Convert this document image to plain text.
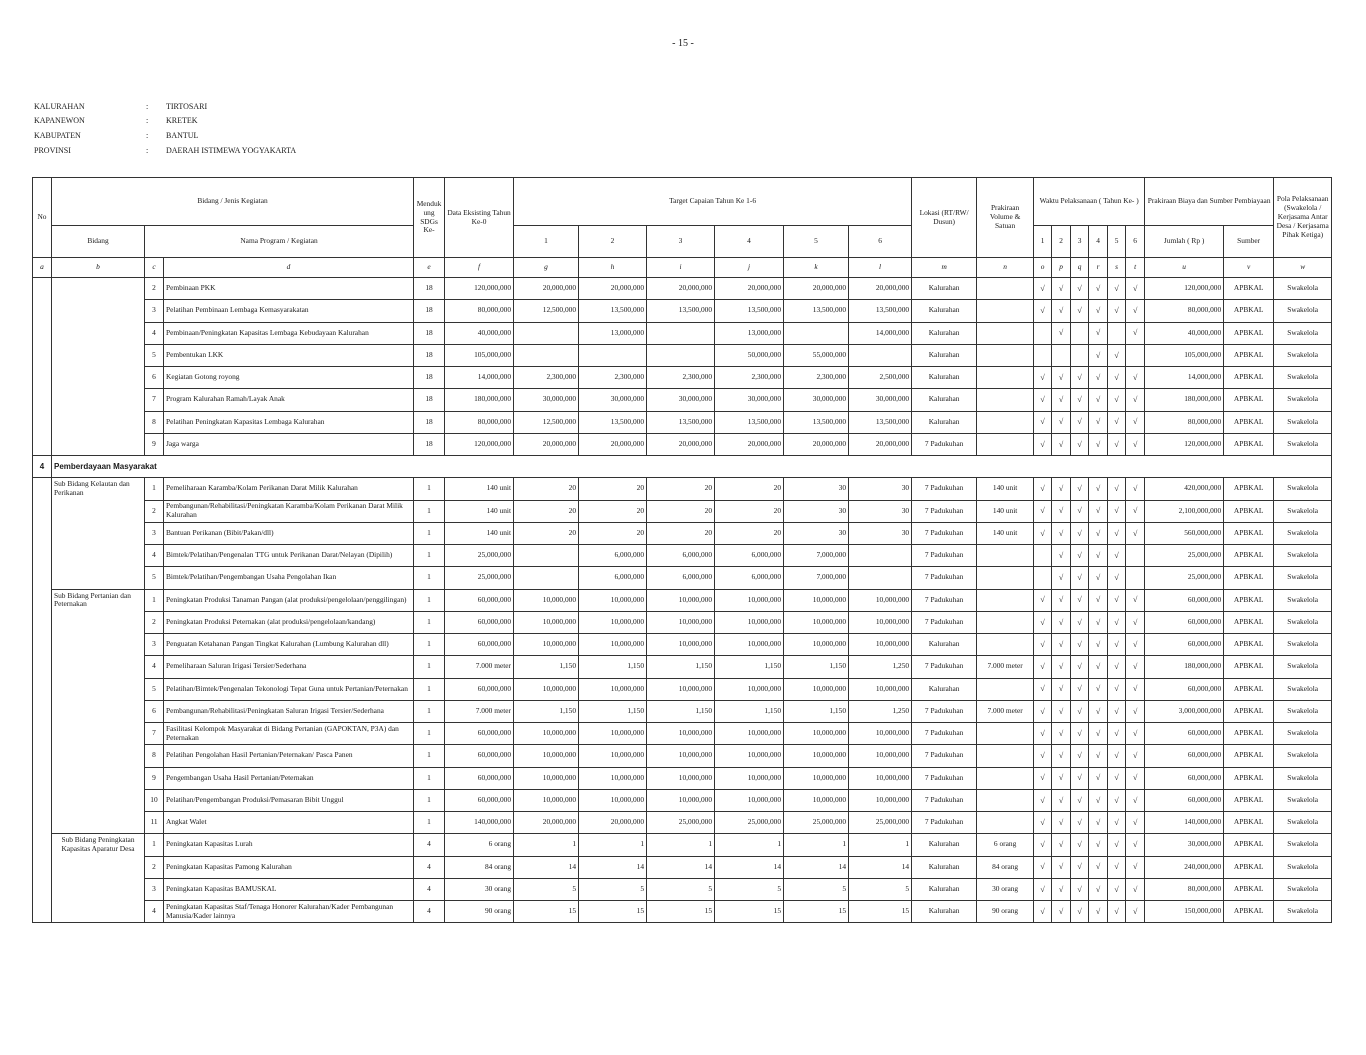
- 15 -
KALURAHAN	:	TIRTOSARI
KAPANEWON	:	KRETEK
KABUPATEN	:	BANTUL
PROVINSI	:	DAERAH ISTIMEWA YOGYAKARTA
No	Bidang / Jenis Kegiatan			Menduk ung SDGs Ke-	Data Eksisting Tahun Ke-0	Target Capaian Tahun Ke 1-6						Lokasi (RT/RW/ Dusun)	Prakiraan Volume & Satuan	Waktu Pelaksanaan ( Tahun Ke- )						Prakiraan Biaya dan Sumber Pembiayaan		Pola Pelaksanaan (Swakelola / Kerjasama Antar Desa / Kerjasama Pihak Ketiga)
	Bidang	Nama Program / Kegiatan				1	2	3	4	5	6			1	2	3	4	5	6	Jumlah ( Rp )	Sumber	
a	b	c	d	e	f	g	h	i	j	k	l	m	n	o	p	q	r	s	t	u	v	w
		2	Pembinaan PKK	18	120,000,000	20,000,000	20,000,000	20,000,000	20,000,000	20,000,000	20,000,000	Kalurahan		√	√	√	√	√	√	120,000,000	APBKAL	Swakelola
		3	Pelatihan Pembinaan Lembaga Kemasyarakatan	18	80,000,000	12,500,000	13,500,000	13,500,000	13,500,000	13,500,000	13,500,000	Kalurahan		√	√	√	√	√	√	80,000,000	APBKAL	Swakelola
		4	Pembinaan/Peningkatan Kapasitas Lembaga Kebudayaan Kalurahan	18	40,000,000		13,000,000		13,000,000		14,000,000	Kalurahan			√		√		√	40,000,000	APBKAL	Swakelola
		5	Pembentukan LKK	18	105,000,000				50,000,000	55,000,000		Kalurahan					√	√		105,000,000	APBKAL	Swakelola
		6	Kegiatan Gotong royong	18	14,000,000	2,300,000	2,300,000	2,300,000	2,300,000	2,300,000	2,500,000	Kalurahan		√	√	√	√	√	√	14,000,000	APBKAL	Swakelola
		7	Program Kalurahan Ramah/Layak Anak	18	180,000,000	30,000,000	30,000,000	30,000,000	30,000,000	30,000,000	30,000,000	Kalurahan		√	√	√	√	√	√	180,000,000	APBKAL	Swakelola
		8	Pelatihan Peningkatan Kapasitas Lembaga Kalurahan	18	80,000,000	12,500,000	13,500,000	13,500,000	13,500,000	13,500,000	13,500,000	Kalurahan		√	√	√	√	√	√	80,000,000	APBKAL	Swakelola
		9	Jaga warga	18	120,000,000	20,000,000	20,000,000	20,000,000	20,000,000	20,000,000	20,000,000	7 Padukuhan		√	√	√	√	√	√	120,000,000	APBKAL	Swakelola
4	Pemberdayaan Masyarakat																					
	Sub Bidang Kelautan dan Perikanan	1	Pemeliharaan Karamba/Kolam Perikanan Darat Milik Kalurahan	1	140 unit	20	20	20	20	30	30	7 Padukuhan	140 unit	√	√	√	√	√	√	420,000,000	APBKAL	Swakelola
		2	Pembangunan/Rehabilitasi/Peningkatan Karamba/Kolam Perikanan Darat Milik Kalurahan	1	140 unit	20	20	20	20	30	30	7 Padukuhan	140 unit	√	√	√	√	√	√	2,100,000,000	APBKAL	Swakelola
		3	Bantuan Perikanan (Bibit/Pakan/dll)	1	140 unit	20	20	20	20	30	30	7 Padukuhan	140 unit	√	√	√	√	√	√	560,000,000	APBKAL	Swakelola
		4	Bimtek/Pelatihan/Pengenalan TTG untuk Perikanan Darat/Nelayan (Dipilih)	1	25,000,000		6,000,000	6,000,000	6,000,000	7,000,000		7 Padukuhan			√	√	√	√		25,000,000	APBKAL	Swakelola
		5	Bimtek/Pelatihan/Pengembangan Usaha Pengolahan Ikan	1	25,000,000		6,000,000	6,000,000	6,000,000	7,000,000		7 Padukuhan			√	√	√	√		25,000,000	APBKAL	Swakelola
	Sub Bidang Pertanian dan Peternakan	1	Peningkatan Produksi Tanaman Pangan (alat produksi/pengelolaan/penggilingan)	1	60,000,000	10,000,000	10,000,000	10,000,000	10,000,000	10,000,000	10,000,000	7 Padukuhan		√	√	√	√	√	√	60,000,000	APBKAL	Swakelola
		2	Peningkatan Produksi Peternakan (alat produksi/pengelolaan/kandang)	1	60,000,000	10,000,000	10,000,000	10,000,000	10,000,000	10,000,000	10,000,000	7 Padukuhan		√	√	√	√	√	√	60,000,000	APBKAL	Swakelola
		3	Penguatan Ketahanan Pangan Tingkat Kalurahan (Lumbung Kalurahan dll)	1	60,000,000	10,000,000	10,000,000	10,000,000	10,000,000	10,000,000	10,000,000	Kalurahan		√	√	√	√	√	√	60,000,000	APBKAL	Swakelola
		4	Pemeliharaan Saluran Irigasi Tersier/Sederhana	1	7.000 meter	1,150	1,150	1,150	1,150	1,150	1,250	7 Padukuhan	7.000 meter	√	√	√	√	√	√	180,000,000	APBKAL	Swakelola
		5	Pelatihan/Bimtek/Pengenalan Tekonologi Tepat Guna untuk Pertanian/Peternakan	1	60,000,000	10,000,000	10,000,000	10,000,000	10,000,000	10,000,000	10,000,000	Kalurahan		√	√	√	√	√	√	60,000,000	APBKAL	Swakelola
		6	Pembangunan/Rehabilitasi/Peningkatan Saluran Irigasi Tersier/Sederhana	1	7.000 meter	1,150	1,150	1,150	1,150	1,150	1,250	7 Padukuhan	7.000 meter	√	√	√	√	√	√	3,000,000,000	APBKAL	Swakelola
		7	Fasilitasi Kelompok Masyarakat di Bidang Pertanian (GAPOKTAN, P3A) dan Peternakan	1	60,000,000	10,000,000	10,000,000	10,000,000	10,000,000	10,000,000	10,000,000	7 Padukuhan		√	√	√	√	√	√	60,000,000	APBKAL	Swakelola
		8	Pelatihan Pengolahan Hasil Pertanian/Peternakan/ Pasca Panen	1	60,000,000	10,000,000	10,000,000	10,000,000	10,000,000	10,000,000	10,000,000	7 Padukuhan		√	√	√	√	√	√	60,000,000	APBKAL	Swakelola
		9	Pengembangan Usaha Hasil Pertanian/Peternakan	1	60,000,000	10,000,000	10,000,000	10,000,000	10,000,000	10,000,000	10,000,000	7 Padukuhan		√	√	√	√	√	√	60,000,000	APBKAL	Swakelola
		10	Pelatihan/Pengembangan Produksi/Pemasaran Bibit Unggul	1	60,000,000	10,000,000	10,000,000	10,000,000	10,000,000	10,000,000	10,000,000	7 Padukuhan		√	√	√	√	√	√	60,000,000	APBKAL	Swakelola
		11	Angkat Walet	1	140,000,000	20,000,000	20,000,000	25,000,000	25,000,000	25,000,000	25,000,000	7 Padukuhan		√	√	√	√	√	√	140,000,000	APBKAL	Swakelola
	Sub Bidang Peningkatan Kapasitas Aparatur Desa	1	Peningkatan Kapasitas Lurah	4	6 orang	1	1	1	1	1	1	Kalurahan	6 orang	√	√	√	√	√	√	30,000,000	APBKAL	Swakelola
		2	Peningkatan Kapasitas Pamong Kalurahan	4	84 orang	14	14	14	14	14	14	Kalurahan	84 orang	√	√	√	√	√	√	240,000,000	APBKAL	Swakelola
		3	Peningkatan Kapasitas BAMUSKAL	4	30 orang	5	5	5	5	5	5	Kalurahan	30 orang	√	√	√	√	√	√	80,000,000	APBKAL	Swakelola
		4	Peningkatan Kapasitas Staf/Tenaga Honorer Kalurahan/Kader Pembangunan Manusia/Kader lainnya	4	90 orang	15	15	15	15	15	15	Kalurahan	90 orang	√	√	√	√	√	√	150,000,000	APBKAL	Swakelola
